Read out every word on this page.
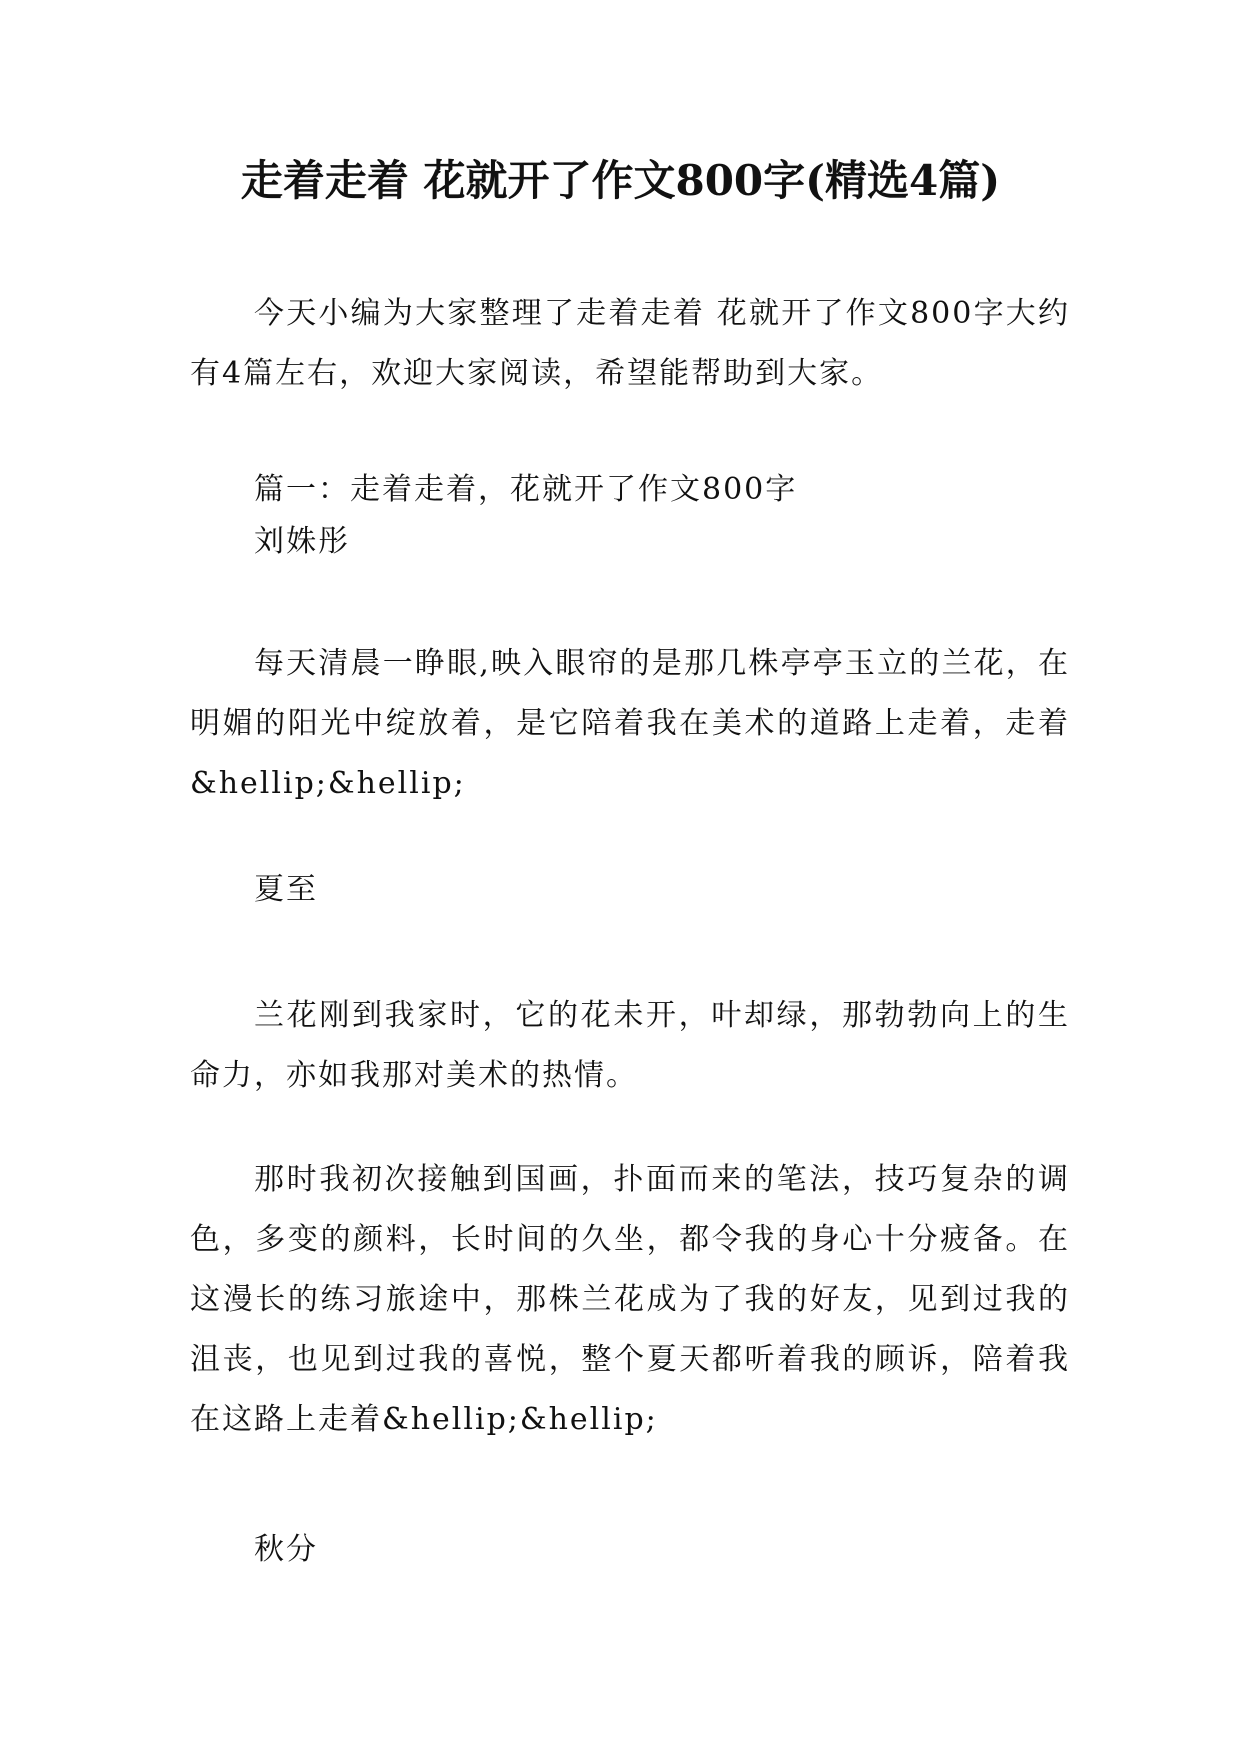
走着走着 花就开了作文800字(精选4篇)

今天小编为大家整理了走着走着 花就开了作文800字大约有4篇左右，欢迎大家阅读，希望能帮助到大家。

篇一：走着走着，花就开了作文800字

刘姝彤

每天清晨一睁眼,映入眼帘的是那几株亭亭玉立的兰花，在明媚的阳光中绽放着，是它陪着我在美术的道路上走着，走着&hellip;&hellip;

夏至

兰花刚到我家时，它的花未开，叶却绿，那勃勃向上的生命力，亦如我那对美术的热情。

那时我初次接触到国画，扑面而来的笔法，技巧复杂的调色，多变的颜料，长时间的久坐，都令我的身心十分疲备。在这漫长的练习旅途中，那株兰花成为了我的好友，见到过我的沮丧，也见到过我的喜悦，整个夏天都听着我的顾诉，陪着我在这路上走着&hellip;&hellip;

秋分
